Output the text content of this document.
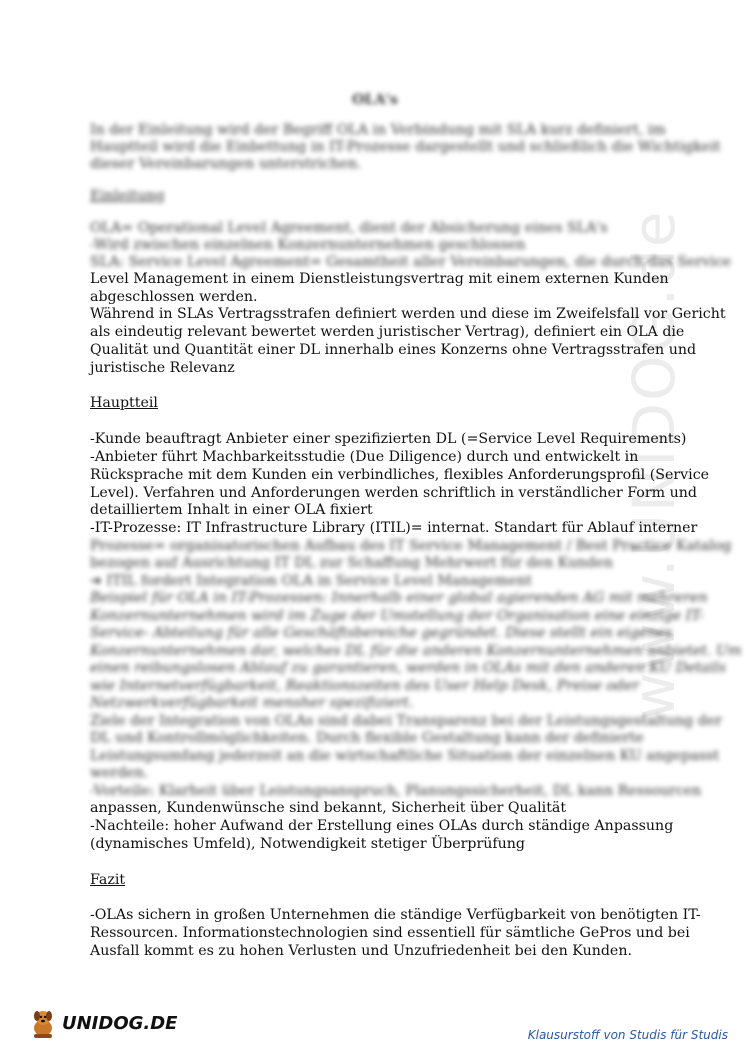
www.UNIDOG.de
OLA's
In der Einleitung wird der Begriff OLA in Verbindung mit SLA kurz definiert, im
Hauptteil wird die Einbettung in IT-Prozesse dargestellt und schließlich die Wichtigkeit
dieser Vereinbarungen unterstrichen.
Einleitung
OLA= Operational Level Agreement, dient der Absicherung eines SLA's
-Wird zwischen einzelnen Konzernunternehmen geschlossen
SLA: Service Level Agreement= Gesamtheit aller Vereinbarungen, die durch das Service
Level Management in einem Dienstleistungsvertrag mit einem externen Kunden
abgeschlossen werden.
Während in SLAs Vertragsstrafen definiert werden und diese im Zweifelsfall vor Gericht
als eindeutig relevant bewertet werden juristischer Vertrag), definiert ein OLA die
Qualität und Quantität einer DL innerhalb eines Konzerns ohne Vertragsstrafen und
juristische Relevanz
Hauptteil
-Kunde beauftragt Anbieter einer spezifizierten DL (=Service Level Requirements)
-Anbieter führt Machbarkeitsstudie (Due Diligence) durch und entwickelt in
Rücksprache mit dem Kunden ein verbindliches, flexibles Anforderungsprofil (Service
Level). Verfahren und Anforderungen werden schriftlich in verständlicher Form und
detailliertem Inhalt in einer OLA fixiert
-IT-Prozesse: IT Infrastructure Library (ITIL)= internat. Standart für Ablauf interner
Prozesse= organisatorischen Aufbau des IT Service Management / Best Practice Katalog
bezogen auf Ausrichtung IT DL zur Schaffung Mehrwert für den Kunden
➔ ITIL fordert Integration OLA in Service Level Management
Beispiel für OLA in IT-Prozessen: Innerhalb einer global agierenden AG mit mehreren
Konzernunternehmen wird im Zuge der Umstellung der Organisation eine einzige IT-
Service- Abteilung für alle Geschäftsbereiche gegründet. Diese stellt ein eigenes
Konzernunternehmen dar, welches DL für die anderen Konzernunternehmen anbietet. Um
einen reibungslosen Ablauf zu garantieren, werden in OLAs mit den anderen KU Details
wie Internetverfügbarkeit, Reaktionszeiten des User Help Desk, Preise oder
Netzwerkverfügbarkeit mensher spezifiziert.
Ziele der Integration von OLAs sind dabei Transparenz bei der Leistungsgestaltung der
DL und Kontrollmöglichkeiten. Durch flexible Gestaltung kann der definierte
Leistungsumfang jederzeit an die wirtschaftliche Situation der einzelnen KU angepasst
werden.
-Vorteile: Klarheit über Leistungsanspruch, Planungssicherheit, DL kann Ressourcen
anpassen, Kundenwünsche sind bekannt, Sicherheit über Qualität
-Nachteile: hoher Aufwand der Erstellung eines OLAs durch ständige Anpassung
(dynamisches Umfeld), Notwendigkeit stetiger Überprüfung
Fazit
-OLAs sichern in großen Unternehmen die ständige Verfügbarkeit von benötigten IT-
Ressourcen. Informationstechnologien sind essentiell für sämtliche GePros und bei
Ausfall kommt es zu hohen Verlusten und Unzufriedenheit bei den Kunden.
UNIDOG.DE
Klausurstoff von Studis für Studis
